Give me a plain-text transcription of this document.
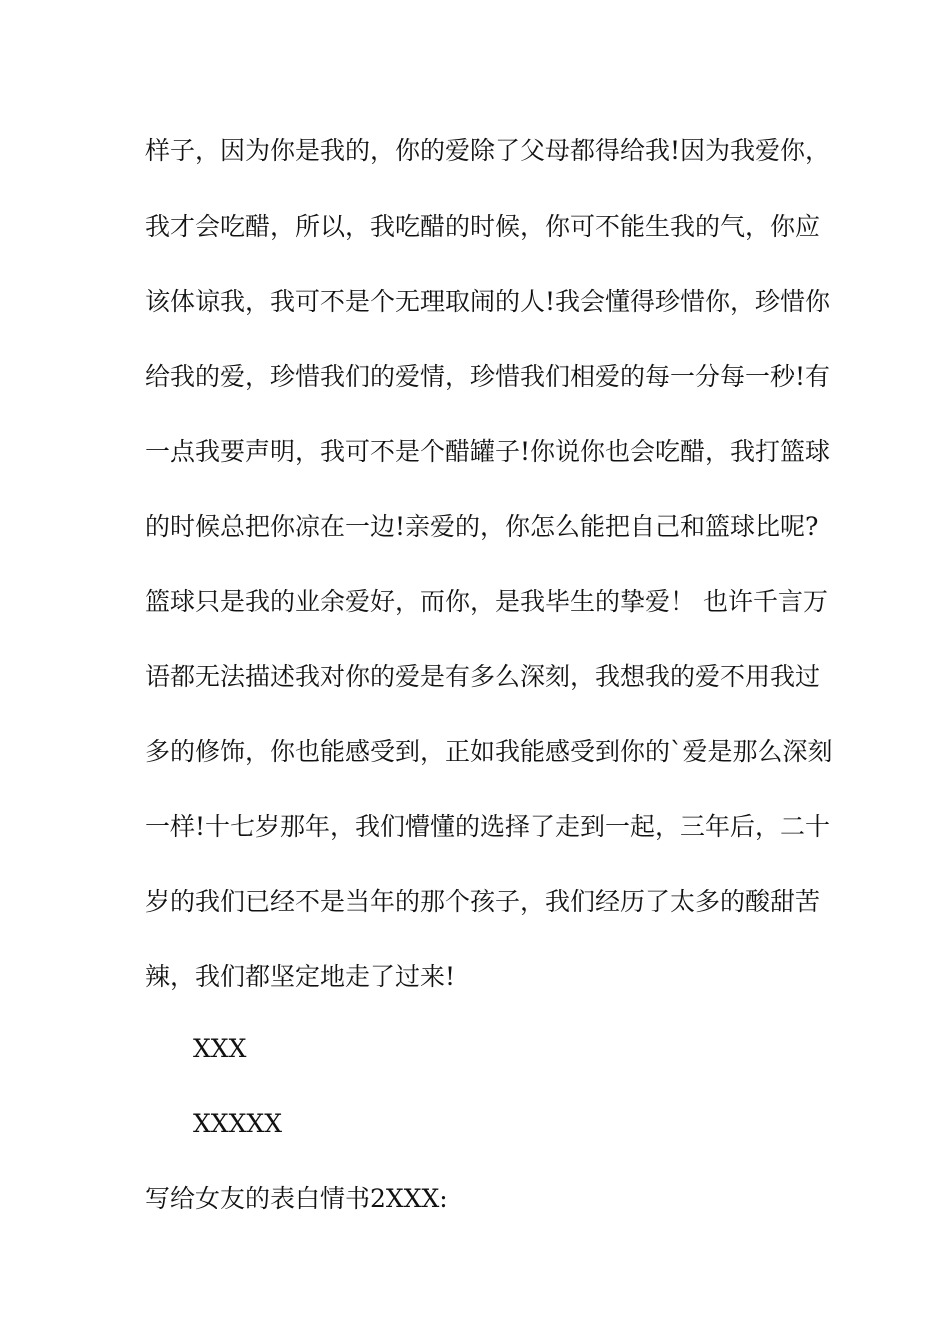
样子，因为你是我的，你的爱除了父母都得给我!因为我爱你，
我才会吃醋，所以，我吃醋的时候，你可不能生我的气，你应
该体谅我，我可不是个无理取闹的人!我会懂得珍惜你，珍惜你
给我的爱，珍惜我们的爱情，珍惜我们相爱的每一分每一秒!有
一点我要声明，我可不是个醋罐子!你说你也会吃醋，我打篮球
的时候总把你凉在一边!亲爱的，你怎么能把自己和篮球比呢?
篮球只是我的业余爱好，而你，是我毕生的挚爱！ 也许千言万
语都无法描述我对你的爱是有多么深刻，我想我的爱不用我过
多的修饰，你也能感受到，正如我能感受到你的`爱是那么深刻
一样!十七岁那年，我们懵懂的选择了走到一起，三年后，二十
岁的我们已经不是当年的那个孩子，我们经历了太多的酸甜苦
辣，我们都坚定地走了过来!
XXX
XXXXX
写给女友的表白情书2XXX:
